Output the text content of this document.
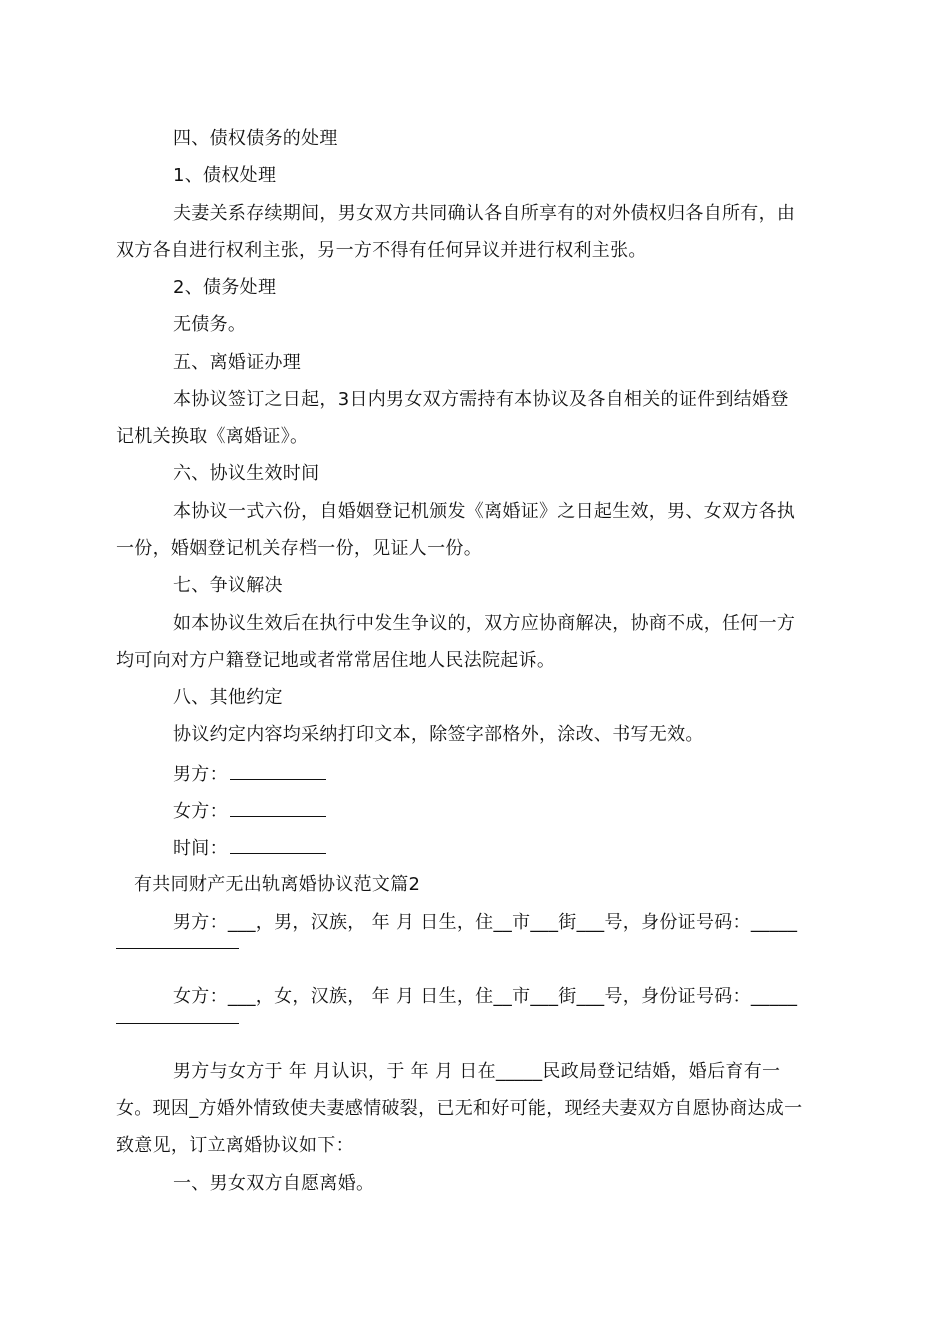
四、债权债务的处理

1、债权处理

夫妻关系存续期间，男女双方共同确认各自所享有的对外债权归各自所有，由

双方各自进行权利主张，另一方不得有任何异议并进行权利主张。

2、债务处理

无债务。

五、离婚证办理

本协议签订之日起，3日内男女双方需持有本协议及各自相关的证件到结婚登

记机关换取《离婚证》。

六、协议生效时间

本协议一式六份，自婚姻登记机颁发《离婚证》之日起生效，男、女双方各执

一份，婚姻登记机关存档一份，见证人一份。

七、争议解决

如本协议生效后在执行中发生争议的，双方应协商解决，协商不成，任何一方

均可向对方户籍登记地或者常常居住地人民法院起诉。

八、其他约定

协议约定内容均采纳打印文本，除签字部格外，涂改、书写无效。

男方：

女方：

时间：

有共同财产无出轨离婚协议范文篇2

男方：___，男，汉族， 年 月 日生，住__市___街___号，身份证号码：_____

女方：___，女，汉族， 年 月 日生，住__市___街___号，身份证号码：_____

男方与女方于 年 月认识，于 年 月 日在_____民政局登记结婚，婚后育有一

女。现因_方婚外情致使夫妻感情破裂，已无和好可能，现经夫妻双方自愿协商达成一

致意见，订立离婚协议如下：

一、男女双方自愿离婚。
